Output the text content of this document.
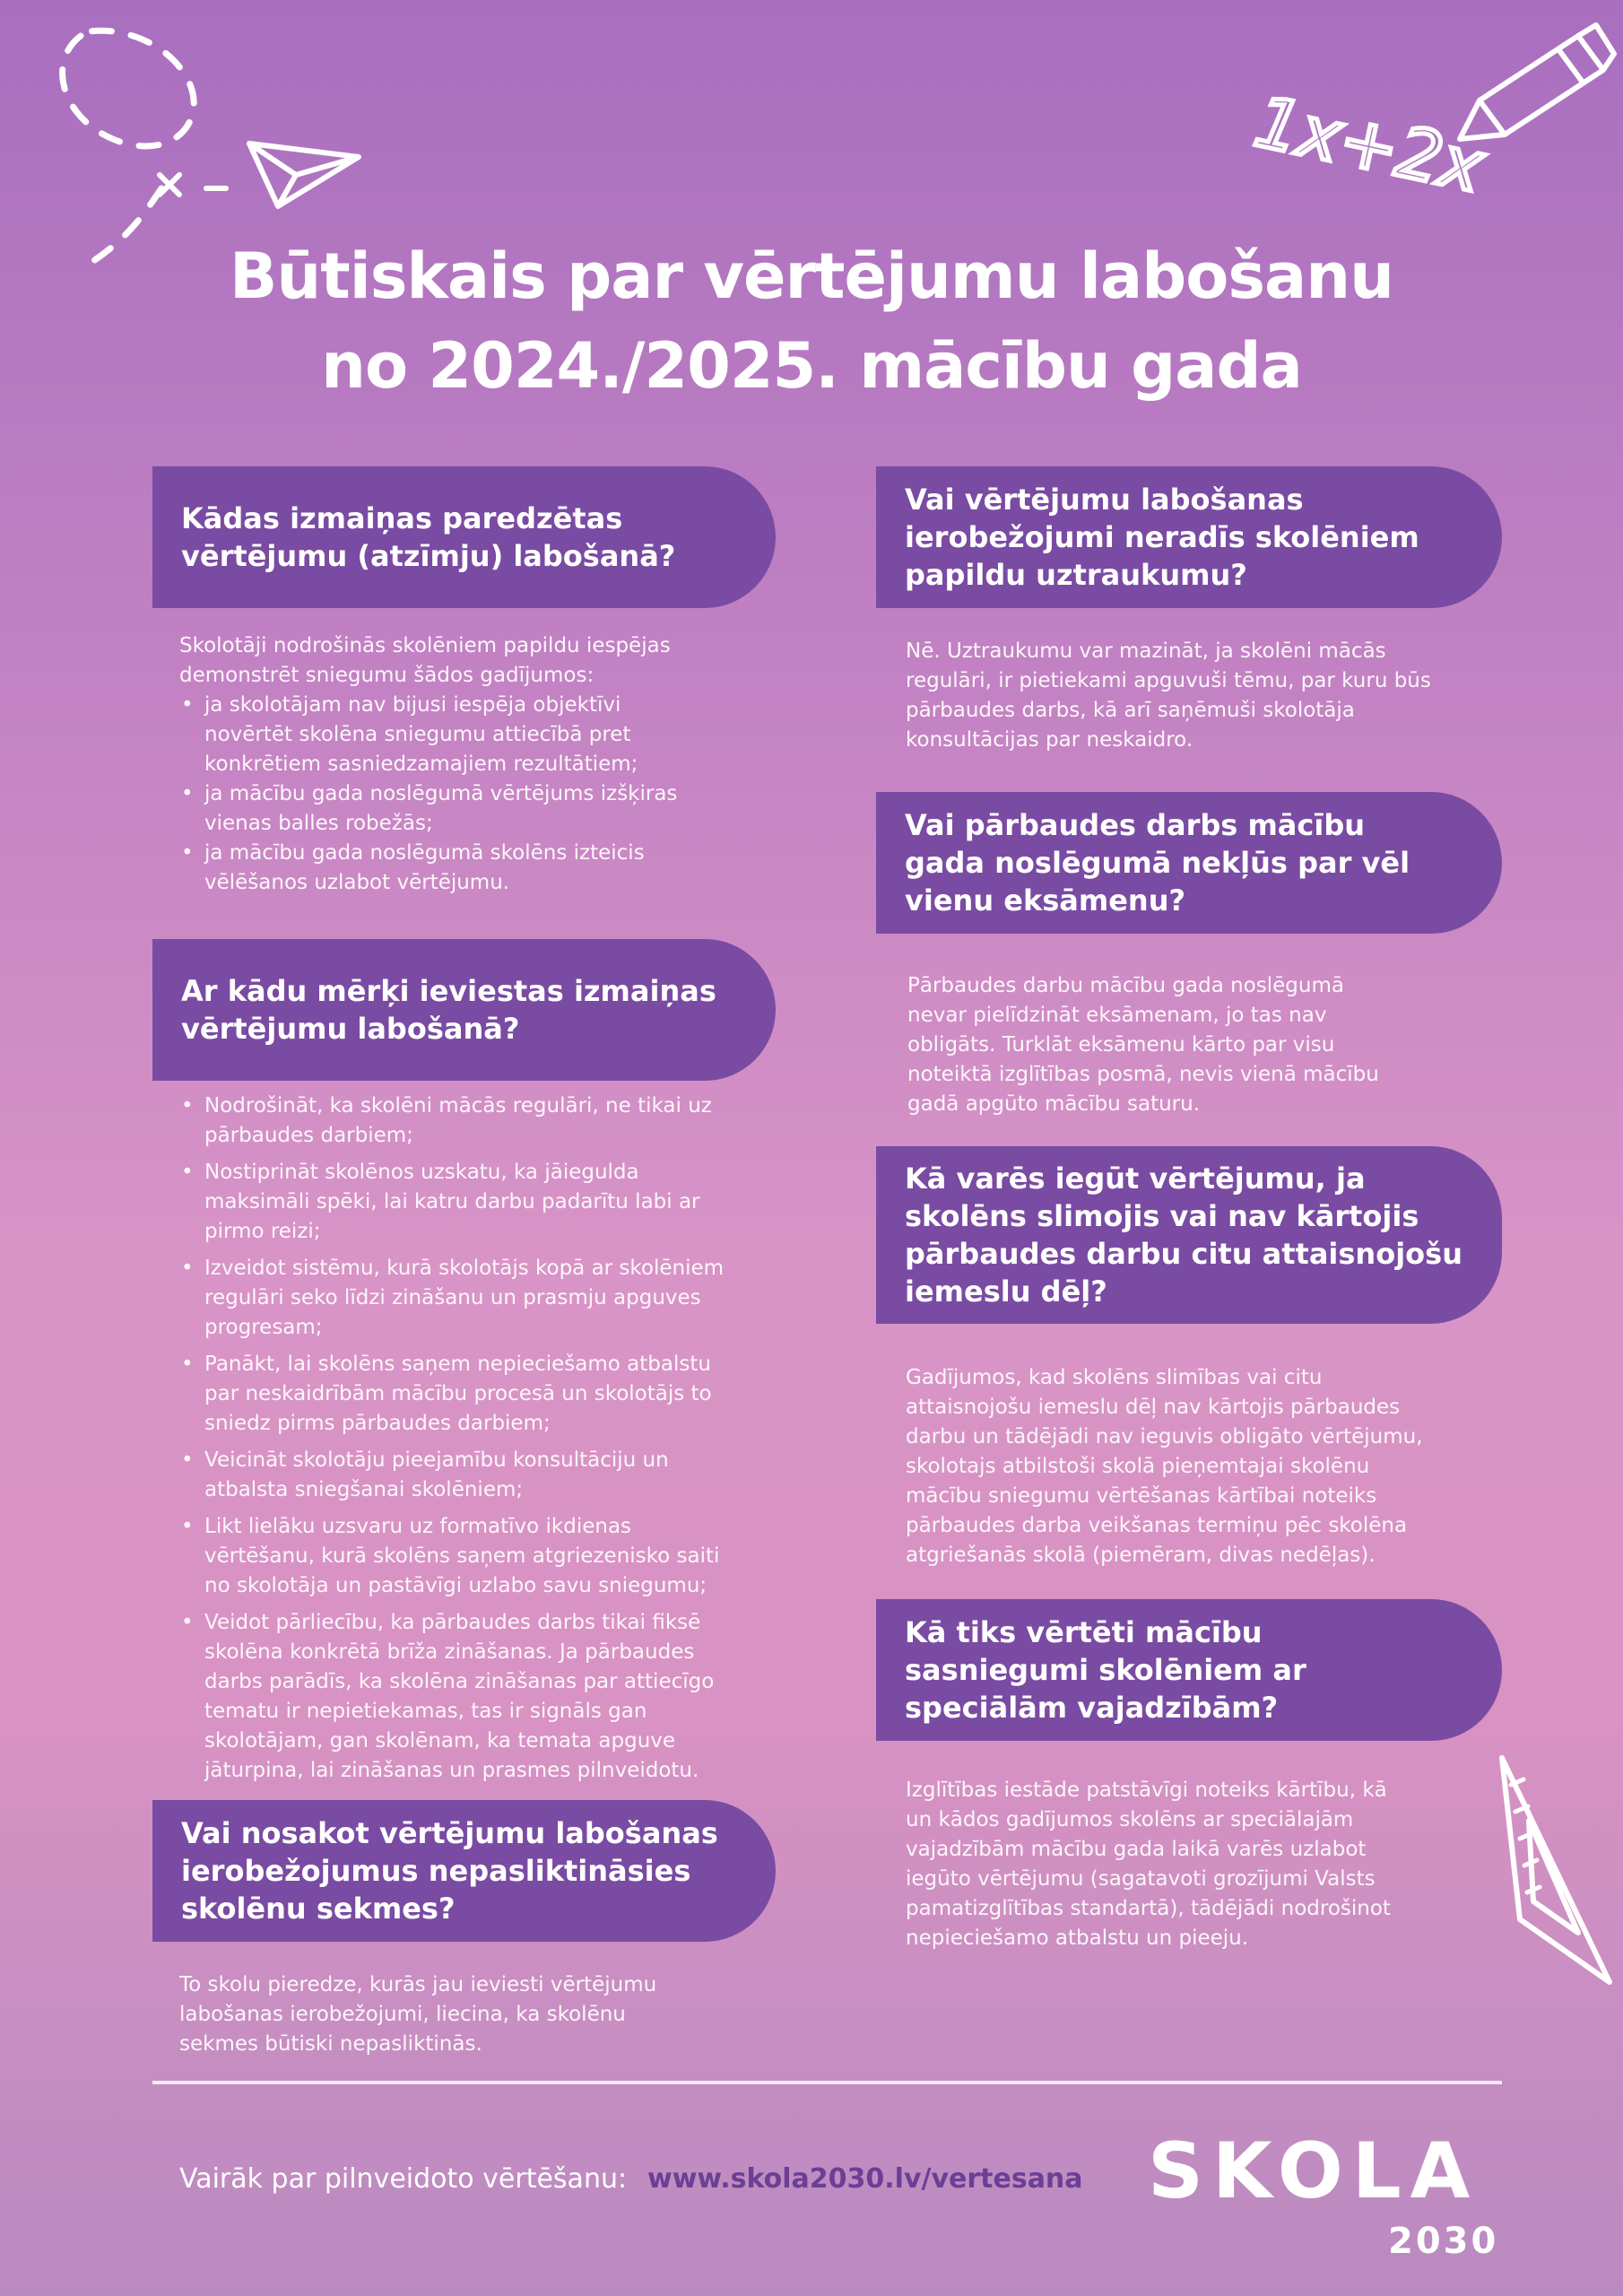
1x+2x
Būtiskais par vērtējumu labošanu
no 2024./2025. mācību gada
Kādas izmaiņas paredzētas
vērtējumu (atzīmju) labošanā?
Skolotāji nodrošinās skolēniem papildu iespējas
demonstrēt sniegumu šādos gadījumos:
• ja skolotājam nav bijusi iespēja objektīvi
novērtēt skolēna sniegumu attiecībā pret
konkrētiem sasniedzamajiem rezultātiem;
• ja mācību gada noslēgumā vērtējums izšķiras
vienas balles robežās;
• ja mācību gada noslēgumā skolēns izteicis
vēlēšanos uzlabot vērtējumu.
Ar kādu mērķi ieviestas izmaiņas
vērtējumu labošanā?
• Nodrošināt, ka skolēni mācās regulāri, ne tikai uz
pārbaudes darbiem;
• Nostiprināt skolēnos uzskatu, ka jāiegulda
maksimāli spēki, lai katru darbu padarītu labi ar
pirmo reizi;
• Izveidot sistēmu, kurā skolotājs kopā ar skolēniem
regulāri seko līdzi zināšanu un prasmju apguves
progresam;
• Panākt, lai skolēns saņem nepieciešamo atbalstu
par neskaidrībām mācību procesā un skolotājs to
sniedz pirms pārbaudes darbiem;
• Veicināt skolotāju pieejamību konsultāciju un
atbalsta sniegšanai skolēniem;
• Likt lielāku uzsvaru uz formatīvo ikdienas
vērtēšanu, kurā skolēns saņem atgriezenisko saiti
no skolotāja un pastāvīgi uzlabo savu sniegumu;
• Veidot pārliecību, ka pārbaudes darbs tikai fiksē
skolēna konkrētā brīža zināšanas. Ja pārbaudes
darbs parādīs, ka skolēna zināšanas par attiecīgo
tematu ir nepietiekamas, tas ir signāls gan
skolotājam, gan skolēnam, ka temata apguve
jāturpina, lai zināšanas un prasmes pilnveidotu.
Vai nosakot vērtējumu labošanas
ierobežojumus nepasliktināsies
skolēnu sekmes?
To skolu pieredze, kurās jau ieviesti vērtējumu
labošanas ierobežojumi, liecina, ka skolēnu
sekmes būtiski nepasliktinās.
Vai vērtējumu labošanas
ierobežojumi neradīs skolēniem
papildu uztraukumu?
Nē. Uztraukumu var mazināt, ja skolēni mācās
regulāri, ir pietiekami apguvuši tēmu, par kuru būs
pārbaudes darbs, kā arī saņēmuši skolotāja
konsultācijas par neskaidro.
Vai pārbaudes darbs mācību
gada noslēgumā nekļūs par vēl
vienu eksāmenu?
Pārbaudes darbu mācību gada noslēgumā
nevar pielīdzināt eksāmenam, jo tas nav
obligāts. Turklāt eksāmenu kārto par visu
noteiktā izglītības posmā, nevis vienā mācību
gadā apgūto mācību saturu.
Kā varēs iegūt vērtējumu, ja
skolēns slimojis vai nav kārtojis
pārbaudes darbu citu attaisnojošu
iemeslu dēļ?
Gadījumos, kad skolēns slimības vai citu
attaisnojošu iemeslu dēļ nav kārtojis pārbaudes
darbu un tādējādi nav ieguvis obligāto vērtējumu,
skolotajs atbilstoši skolā pieņemtajai skolēnu
mācību sniegumu vērtēšanas kārtībai noteiks
pārbaudes darba veikšanas termiņu pēc skolēna
atgriešanās skolā (piemēram, divas nedēļas).
Kā tiks vērtēti mācību
sasniegumi skolēniem ar
speciālām vajadzībām?
Izglītības iestāde patstāvīgi noteiks kārtību, kā
un kādos gadījumos skolēns ar speciālajām
vajadzībām mācību gada laikā varēs uzlabot
iegūto vērtējumu (sagatavoti grozījumi Valsts
pamatizglītības standartā), tādējādi nodrošinot
nepieciešamo atbalstu un pieeju.
Vairāk par pilnveidoto vērtēšanu: www.skola2030.lv/vertesana SKOLA
2030
